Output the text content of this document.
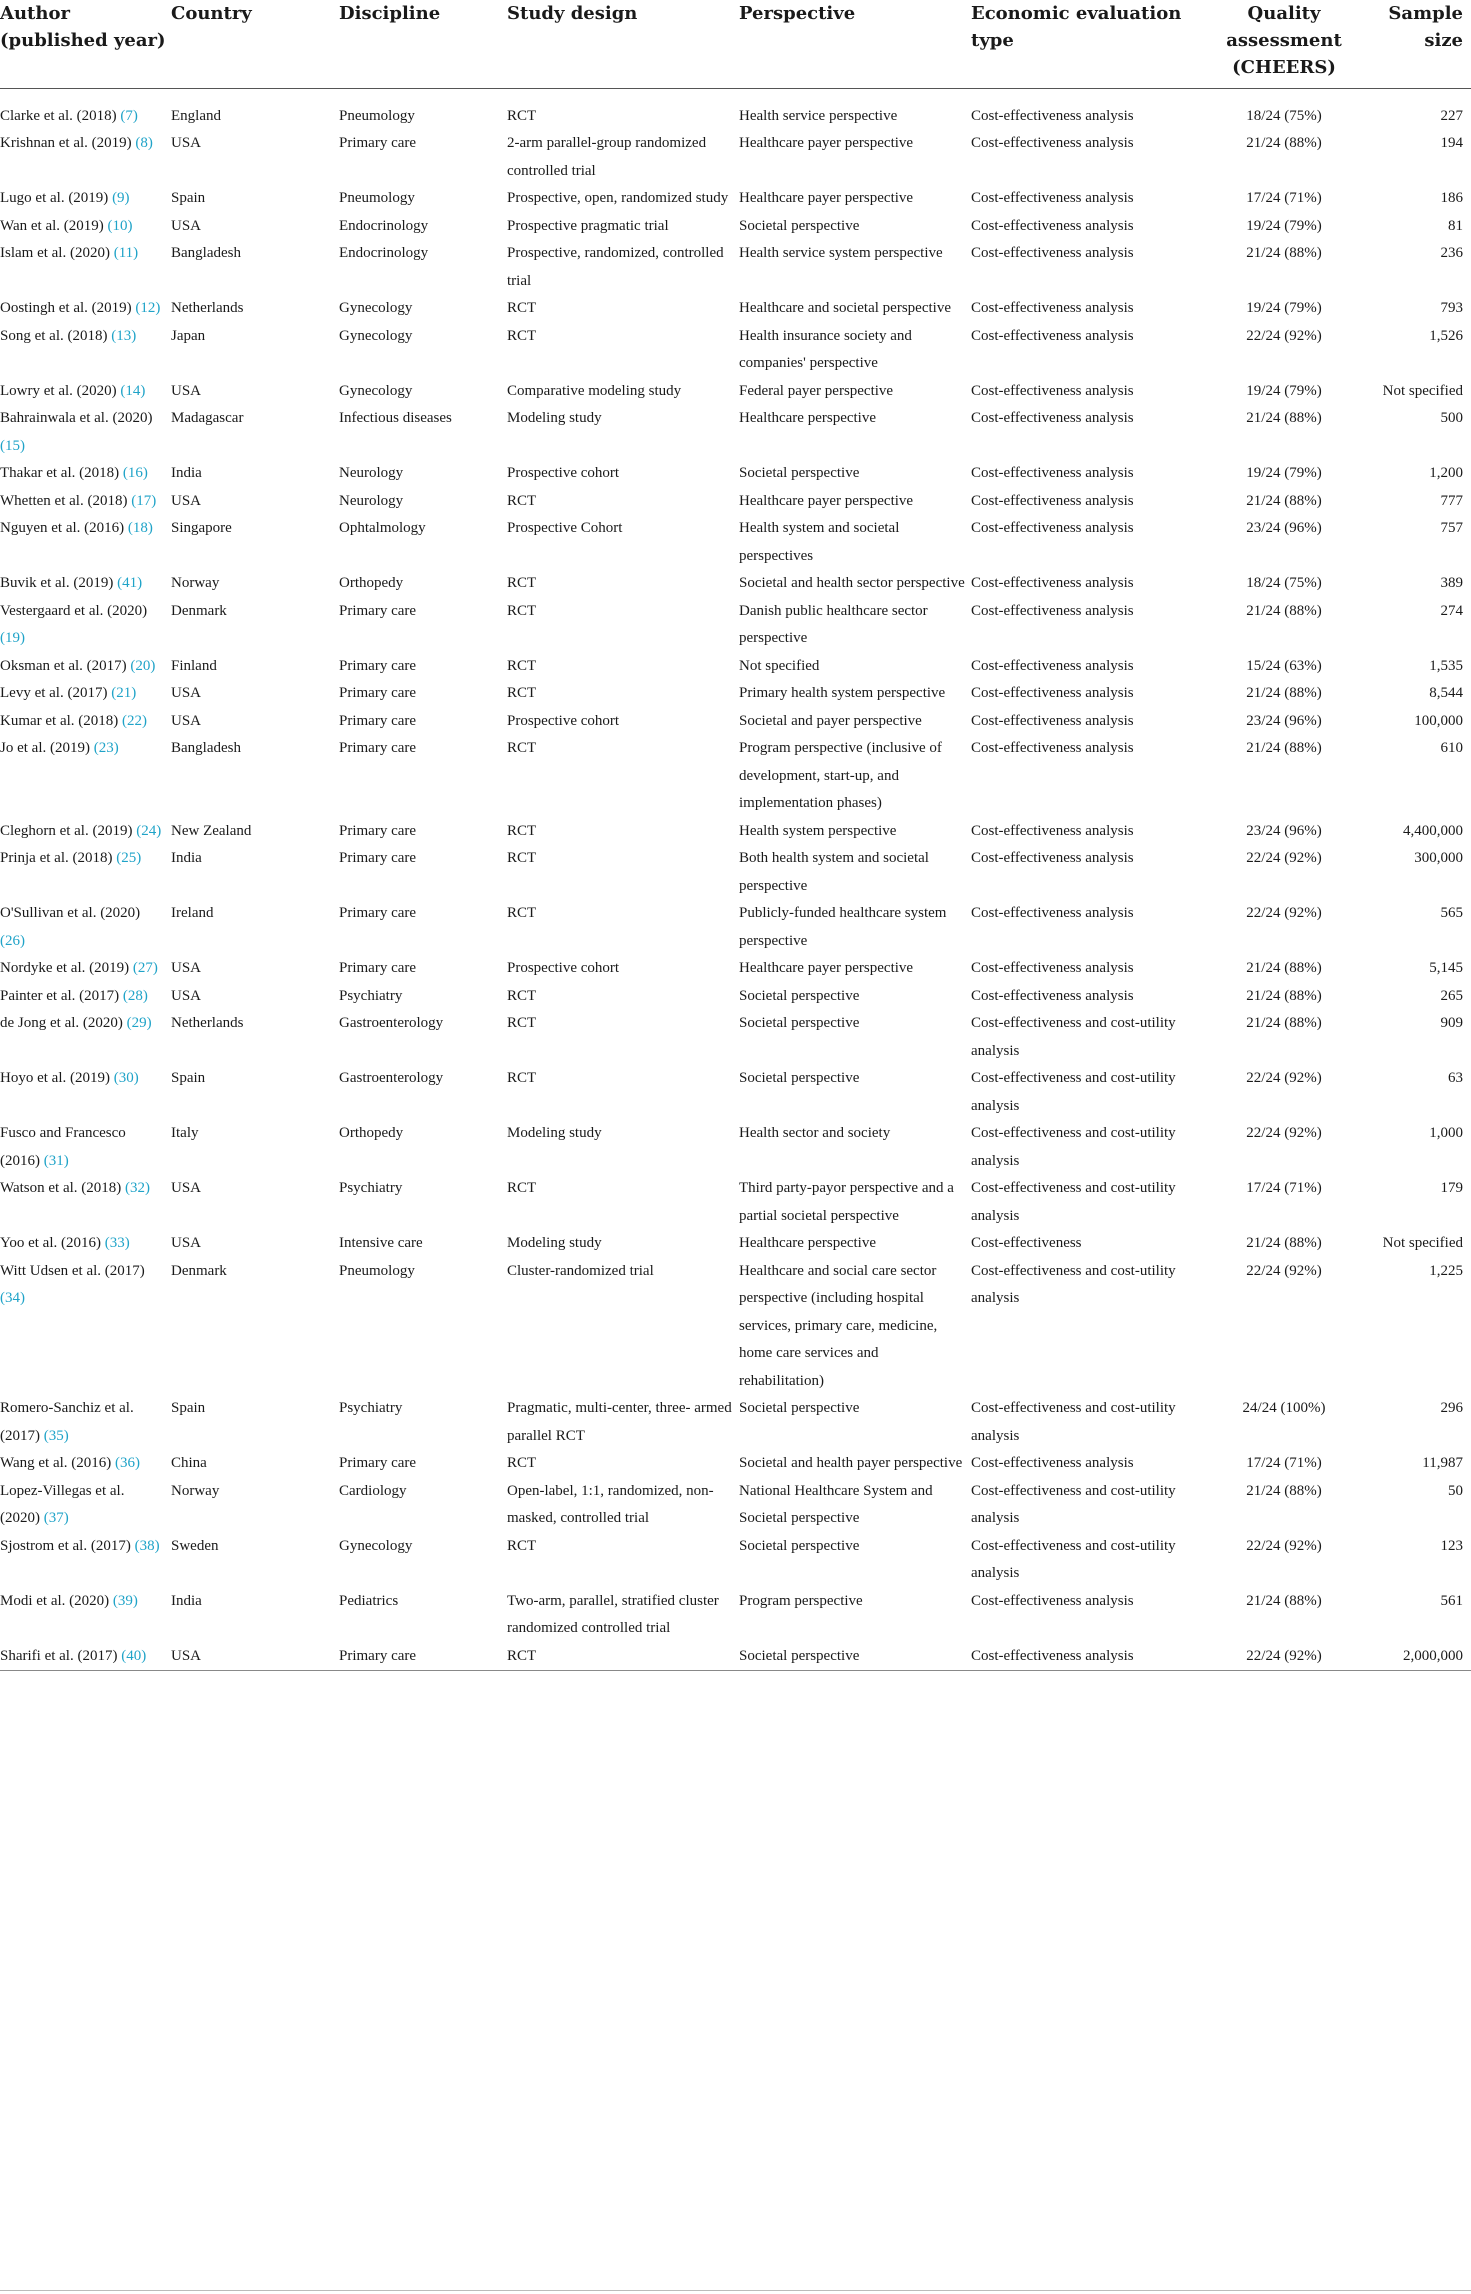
Author (published year)	Country	Discipline	Study design	Perspective	Economic evaluation type	Quality assessment (CHEERS)	Sample size
Clarke et al. (2018) (7)	England	Pneumology	RCT	Health service perspective	Cost-effectiveness analysis	18/24 (75%)	227
Krishnan et al. (2019) (8)	USA	Primary care	2-arm parallel-group randomized controlled trial	Healthcare payer perspective	Cost-effectiveness analysis	21/24 (88%)	194
Lugo et al. (2019) (9)	Spain	Pneumology	Prospective, open, randomized study	Healthcare payer perspective	Cost-effectiveness analysis	17/24 (71%)	186
Wan et al. (2019) (10)	USA	Endocrinology	Prospective pragmatic trial	Societal perspective	Cost-effectiveness analysis	19/24 (79%)	81
Islam et al. (2020) (11)	Bangladesh	Endocrinology	Prospective, randomized, controlled trial	Health service system perspective	Cost-effectiveness analysis	21/24 (88%)	236
Oostingh et al. (2019) (12)	Netherlands	Gynecology	RCT	Healthcare and societal perspective	Cost-effectiveness analysis	19/24 (79%)	793
Song et al. (2018) (13)	Japan	Gynecology	RCT	Health insurance society and companies' perspective	Cost-effectiveness analysis	22/24 (92%)	1,526
Lowry et al. (2020) (14)	USA	Gynecology	Comparative modeling study	Federal payer perspective	Cost-effectiveness analysis	19/24 (79%)	Not specified
Bahrainwala et al. (2020) (15)	Madagascar	Infectious diseases	Modeling study	Healthcare perspective	Cost-effectiveness analysis	21/24 (88%)	500
Thakar et al. (2018) (16)	India	Neurology	Prospective cohort	Societal perspective	Cost-effectiveness analysis	19/24 (79%)	1,200
Whetten et al. (2018) (17)	USA	Neurology	RCT	Healthcare payer perspective	Cost-effectiveness analysis	21/24 (88%)	777
Nguyen et al. (2016) (18)	Singapore	Ophtalmology	Prospective Cohort	Health system and societal perspectives	Cost-effectiveness analysis	23/24 (96%)	757
Buvik et al. (2019) (41)	Norway	Orthopedy	RCT	Societal and health sector perspective	Cost-effectiveness analysis	18/24 (75%)	389
Vestergaard et al. (2020) (19)	Denmark	Primary care	RCT	Danish public healthcare sector perspective	Cost-effectiveness analysis	21/24 (88%)	274
Oksman et al. (2017) (20)	Finland	Primary care	RCT	Not specified	Cost-effectiveness analysis	15/24 (63%)	1,535
Levy et al. (2017) (21)	USA	Primary care	RCT	Primary health system perspective	Cost-effectiveness analysis	21/24 (88%)	8,544
Kumar et al. (2018) (22)	USA	Primary care	Prospective cohort	Societal and payer perspective	Cost-effectiveness analysis	23/24 (96%)	100,000
Jo et al. (2019) (23)	Bangladesh	Primary care	RCT	Program perspective (inclusive of development, start-up, and implementation phases)	Cost-effectiveness analysis	21/24 (88%)	610
Cleghorn et al. (2019) (24)	New Zealand	Primary care	RCT	Health system perspective	Cost-effectiveness analysis	23/24 (96%)	4,400,000
Prinja et al. (2018) (25)	India	Primary care	RCT	Both health system and societal perspective	Cost-effectiveness analysis	22/24 (92%)	300,000
O'Sullivan et al. (2020) (26)	Ireland	Primary care	RCT	Publicly-funded healthcare system perspective	Cost-effectiveness analysis	22/24 (92%)	565
Nordyke et al. (2019) (27)	USA	Primary care	Prospective cohort	Healthcare payer perspective	Cost-effectiveness analysis	21/24 (88%)	5,145
Painter et al. (2017) (28)	USA	Psychiatry	RCT	Societal perspective	Cost-effectiveness analysis	21/24 (88%)	265
de Jong et al. (2020) (29)	Netherlands	Gastroenterology	RCT	Societal perspective	Cost-effectiveness and cost-utility analysis	21/24 (88%)	909
Hoyo et al. (2019) (30)	Spain	Gastroenterology	RCT	Societal perspective	Cost-effectiveness and cost-utility analysis	22/24 (92%)	63
Fusco and Francesco (2016) (31)	Italy	Orthopedy	Modeling study	Health sector and society	Cost-effectiveness and cost-utility analysis	22/24 (92%)	1,000
Watson et al. (2018) (32)	USA	Psychiatry	RCT	Third party-payor perspective and a partial societal perspective	Cost-effectiveness and cost-utility analysis	17/24 (71%)	179
Yoo et al. (2016) (33)	USA	Intensive care	Modeling study	Healthcare perspective	Cost-effectiveness	21/24 (88%)	Not specified
Witt Udsen et al. (2017) (34)	Denmark	Pneumology	Cluster-randomized trial	Healthcare and social care sector perspective (including hospital services, primary care, medicine, home care services and rehabilitation)	Cost-effectiveness and cost-utility analysis	22/24 (92%)	1,225
Romero-Sanchiz et al. (2017) (35)	Spain	Psychiatry	Pragmatic, multi-center, three- armed parallel RCT	Societal perspective	Cost-effectiveness and cost-utility analysis	24/24 (100%)	296
Wang et al. (2016) (36)	China	Primary care	RCT	Societal and health payer perspective	Cost-effectiveness analysis	17/24 (71%)	11,987
Lopez-Villegas et al. (2020) (37)	Norway	Cardiology	Open-label, 1:1, randomized, non-masked, controlled trial	National Healthcare System and Societal perspective	Cost-effectiveness and cost-utility analysis	21/24 (88%)	50
Sjostrom et al. (2017) (38)	Sweden	Gynecology	RCT	Societal perspective	Cost-effectiveness and cost-utility analysis	22/24 (92%)	123
Modi et al. (2020) (39)	India	Pediatrics	Two-arm, parallel, stratified cluster randomized controlled trial	Program perspective	Cost-effectiveness analysis	21/24 (88%)	561
Sharifi et al. (2017) (40)	USA	Primary care	RCT	Societal perspective	Cost-effectiveness analysis	22/24 (92%)	2,000,000
